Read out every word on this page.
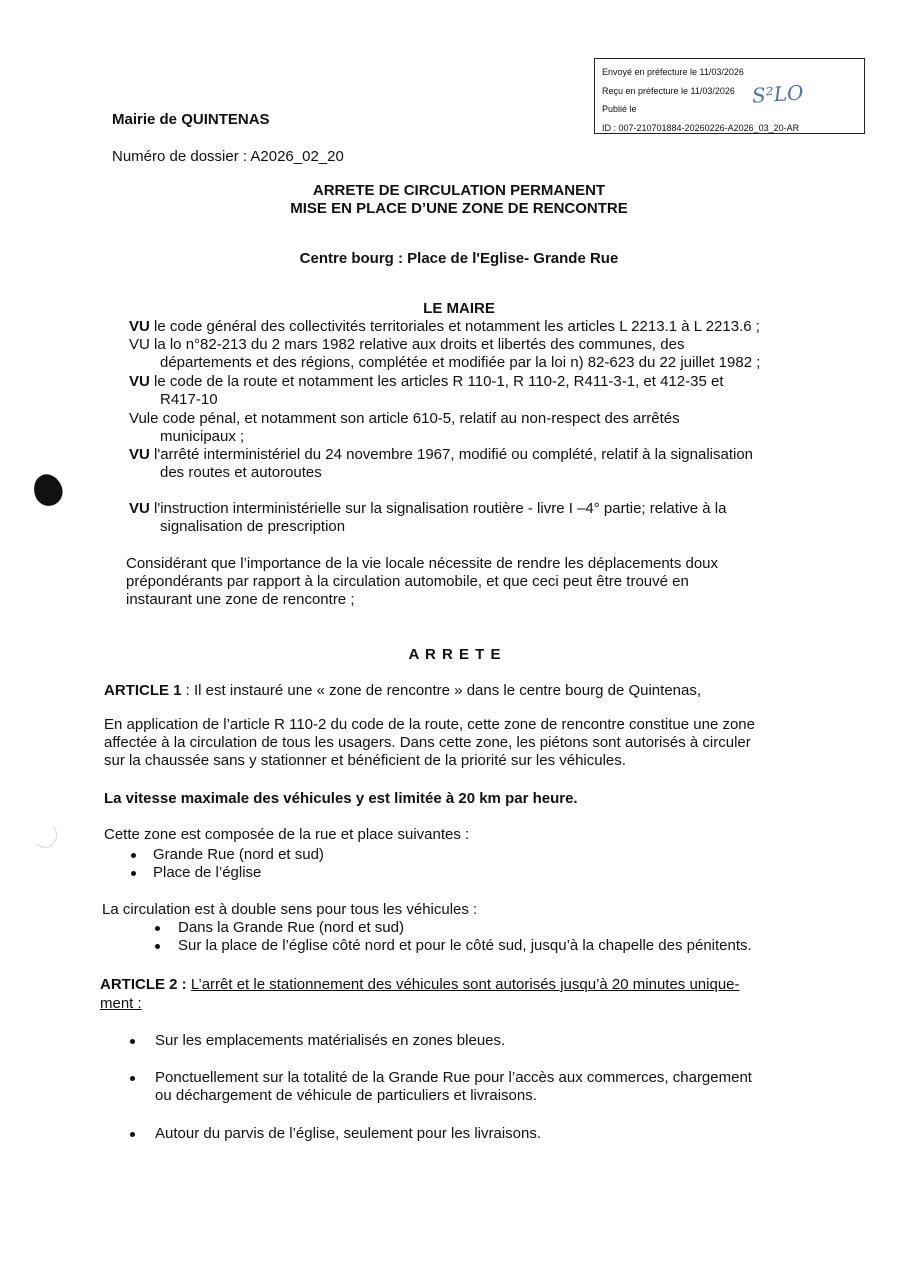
Envoyé en préfecture le 11/03/2026
Reçu en préfecture le 11/03/2026
Publié le
ID : 007-210701884-20260226-A2026_03_20-AR
S²LO
Mairie de QUINTENAS
Numéro de dossier : A2026_02_20
ARRETE DE CIRCULATION PERMANENT
MISE EN PLACE D’UNE ZONE DE RENCONTRE
Centre bourg : Place de l'Eglise- Grande Rue
LE MAIRE
VU le code général des collectivités territoriales et notamment les articles L 2213.1 à L 2213.6 ;
VU la lo n°82-213 du 2 mars 1982 relative aux droits et libertés des communes, des
départements et des régions, complétée et modifiée par la loi n) 82-623 du 22 juillet 1982 ;
VU le code de la route et notamment les articles R 110-1, R 110-2, R411-3-1, et 412-35 et
R417-10
Vule code pénal, et notamment son article 610-5, relatif au non-respect des arrêtés
municipaux ;
VU l'arrêté interministériel du 24 novembre 1967, modifié ou complété, relatif à la signalisation
des routes et autoroutes
VU l'instruction interministérielle sur la signalisation routière - livre I –4° partie; relative à la
signalisation de prescription
Considérant que l’importance de la vie locale nécessite de rendre les déplacements doux
prépondérants par rapport à la circulation automobile, et que ceci peut être trouvé en
instaurant une zone de rencontre ;
A R R E T E
ARTICLE 1 : Il est instauré une « zone de rencontre » dans le centre bourg de Quintenas,
En application de l’article R 110-2 du code de la route, cette zone de rencontre constitue une zone
affectée à la circulation de tous les usagers. Dans cette zone, les piétons sont autorisés à circuler
sur la chaussée sans y stationner et bénéficient de la priorité sur les véhicules.
La vitesse maximale des véhicules y est limitée à 20 km par heure.
Cette zone est composée de la rue et place suivantes :
Grande Rue (nord et sud)
Place de l’église
La circulation est à double sens pour tous les véhicules :
Dans la Grande Rue (nord et sud)
Sur la place de l’église côté nord et pour le côté sud, jusqu’à la chapelle des pénitents.
ARTICLE 2 : L’arrêt et le stationnement des véhicules sont autorisés jusqu’à 20 minutes unique-
ment :
Sur les emplacements matérialisés en zones bleues.
Ponctuellement sur la totalité de la Grande Rue pour l’accès aux commerces, chargement
ou déchargement de véhicule de particuliers et livraisons.
Autour du parvis de l’église, seulement pour les livraisons.
